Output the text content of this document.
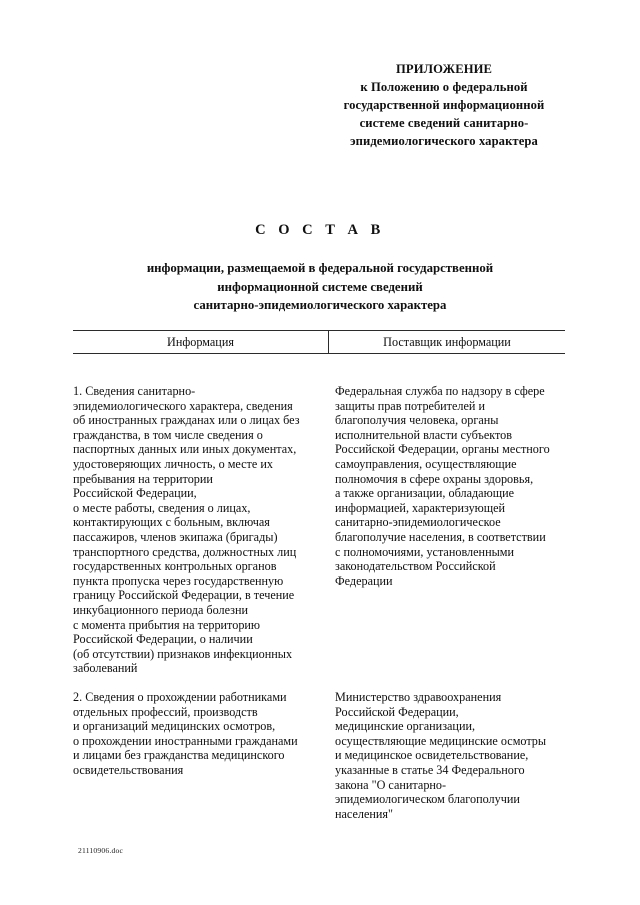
ПРИЛОЖЕНИЕ
к Положению о федеральной
государственной информационной
системе сведений санитарно-
эпидемиологического характера
С О С Т А В
информации, размещаемой в федеральной государственной
информационной системе сведений
санитарно-эпидемиологического характера
Информация	Поставщик информации
1. Сведения санитарно-
эпидемиологического характера, сведения
об иностранных гражданах или о лицах без
гражданства, в том числе сведения о
паспортных данных или иных документах,
удостоверяющих личность, о месте их
пребывания на территории
Российской Федерации,
о месте работы, сведения о лицах,
контактирующих с больным, включая
пассажиров, членов экипажа (бригады)
транспортного средства, должностных лиц
государственных контрольных органов
пункта пропуска через государственную
границу Российской Федерации, в течение
инкубационного периода болезни
с момента прибытия на территорию
Российской Федерации, о наличии
(об отсутствии) признаков инфекционных
заболеваний
Федеральная служба по надзору в сфере
защиты прав потребителей и
благополучия человека, органы
исполнительной власти субъектов
Российской Федерации, органы местного
самоуправления, осуществляющие
полномочия в сфере охраны здоровья,
а также организации, обладающие
информацией, характеризующей
санитарно-эпидемиологическое
благополучие населения, в соответствии
с полномочиями, установленными
законодательством Российской
Федерации
2. Сведения о прохождении работниками
отдельных профессий, производств
и организаций медицинских осмотров,
о прохождении иностранными гражданами
и лицами без гражданства медицинского
освидетельствования
Министерство здравоохранения
Российской Федерации,
медицинские организации,
осуществляющие медицинские осмотры
и медицинское освидетельствование,
указанные в статье 34 Федерального
закона "О санитарно-
эпидемиологическом благополучии
населения"
21110906.doc
